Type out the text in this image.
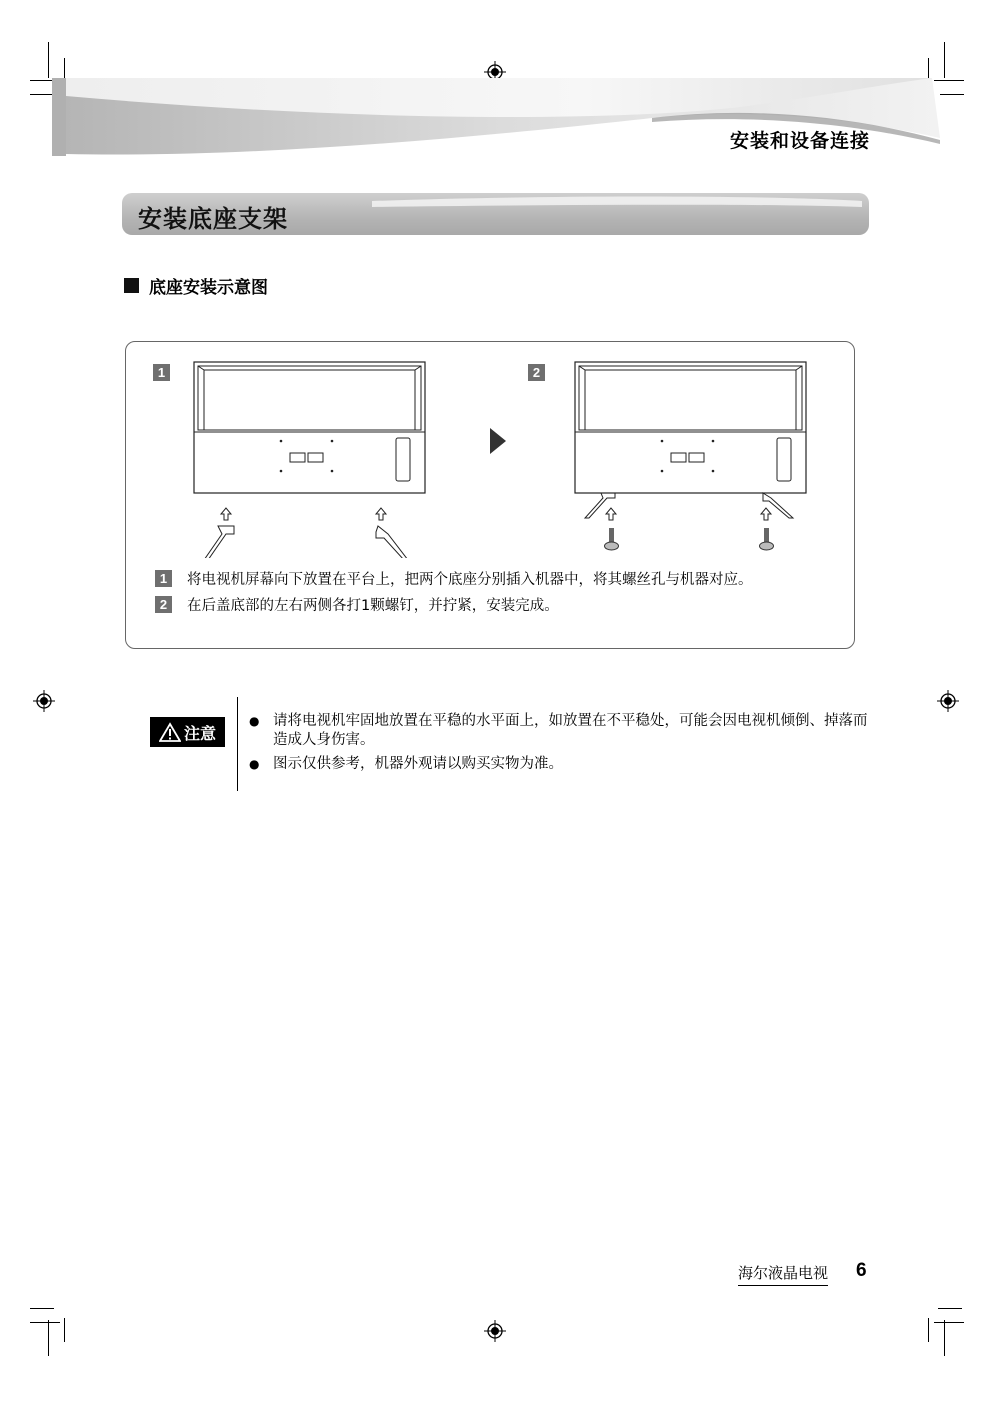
安装和设备连接
安装底座支架
底座安装示意图
1	2
1	将电视机屏幕向下放置在平台上，把两个底座分别插入机器中，将其螺丝孔与机器对应。
2	在后盖底部的左右两侧各打1颗螺钉，并拧紧，安装完成。
注意
● 请将电视机牢固地放置在平稳的水平面上，如放置在不平稳处，可能会因电视机倾倒、掉落而造成人身伤害。
● 图示仅供参考，机器外观请以购买实物为准。
海尔液晶电视 6
